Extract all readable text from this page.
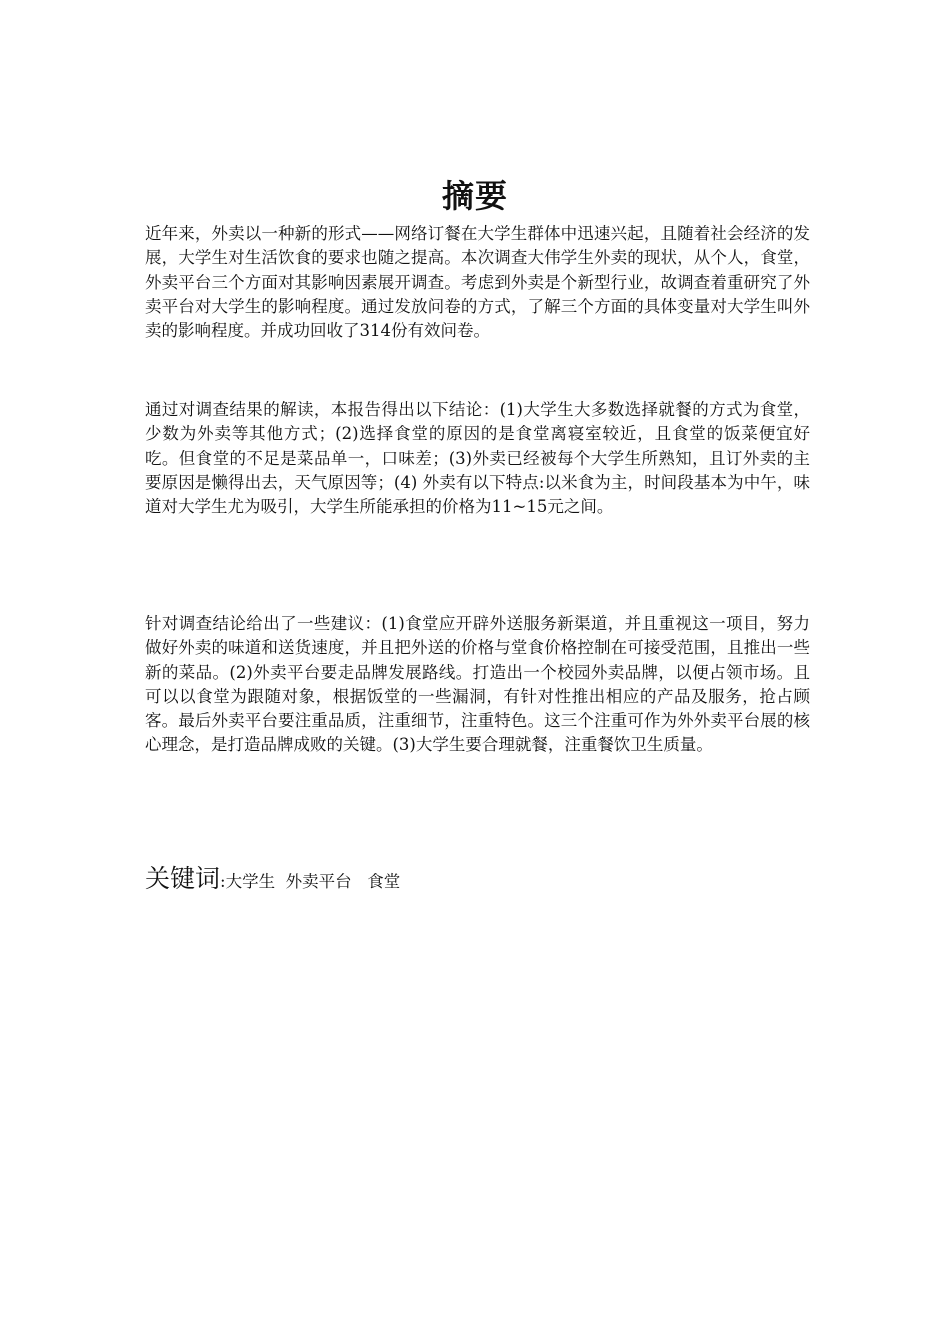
摘要

近年来，外卖以一种新的形式——网络订餐在大学生群体中迅速兴起，且随着社会经济的发展，大学生对生活饮食的要求也随之提高。本次调查大伟学生外卖的现状，从个人，食堂，外卖平台三个方面对其影响因素展开调查。考虑到外卖是个新型行业，故调查着重研究了外卖平台对大学生的影响程度。通过发放问卷的方式，了解三个方面的具体变量对大学生叫外卖的影响程度。并成功回收了314份有效问卷。

通过对调查结果的解读，本报告得出以下结论：(1)大学生大多数选择就餐的方式为食堂，少数为外卖等其他方式；(2)选择食堂的原因的是食堂离寝室较近，且食堂的饭菜便宜好吃。但食堂的不足是菜品单一，口味差；(3)外卖已经被每个大学生所熟知，且订外卖的主要原因是懒得出去，天气原因等；(4) 外卖有以下特点:以米食为主，时间段基本为中午，味道对大学生尤为吸引，大学生所能承担的价格为11~15元之间。

针对调查结论给出了一些建议：(1)食堂应开辟外送服务新渠道，并且重视这一项目，努力做好外卖的味道和送货速度，并且把外送的价格与堂食价格控制在可接受范围，且推出一些新的菜品。(2)外卖平台要走品牌发展路线。打造出一个校园外卖品牌，以便占领市场。且可以以食堂为跟随对象，根据饭堂的一些漏洞，有针对性推出相应的产品及服务，抢占顾客。最后外卖平台要注重品质，注重细节，注重特色。这三个注重可作为外外卖平台展的核心理念，是打造品牌成败的关键。(3)大学生要合理就餐，注重餐饮卫生质量。

关键词:大学生  外卖平台   食堂
